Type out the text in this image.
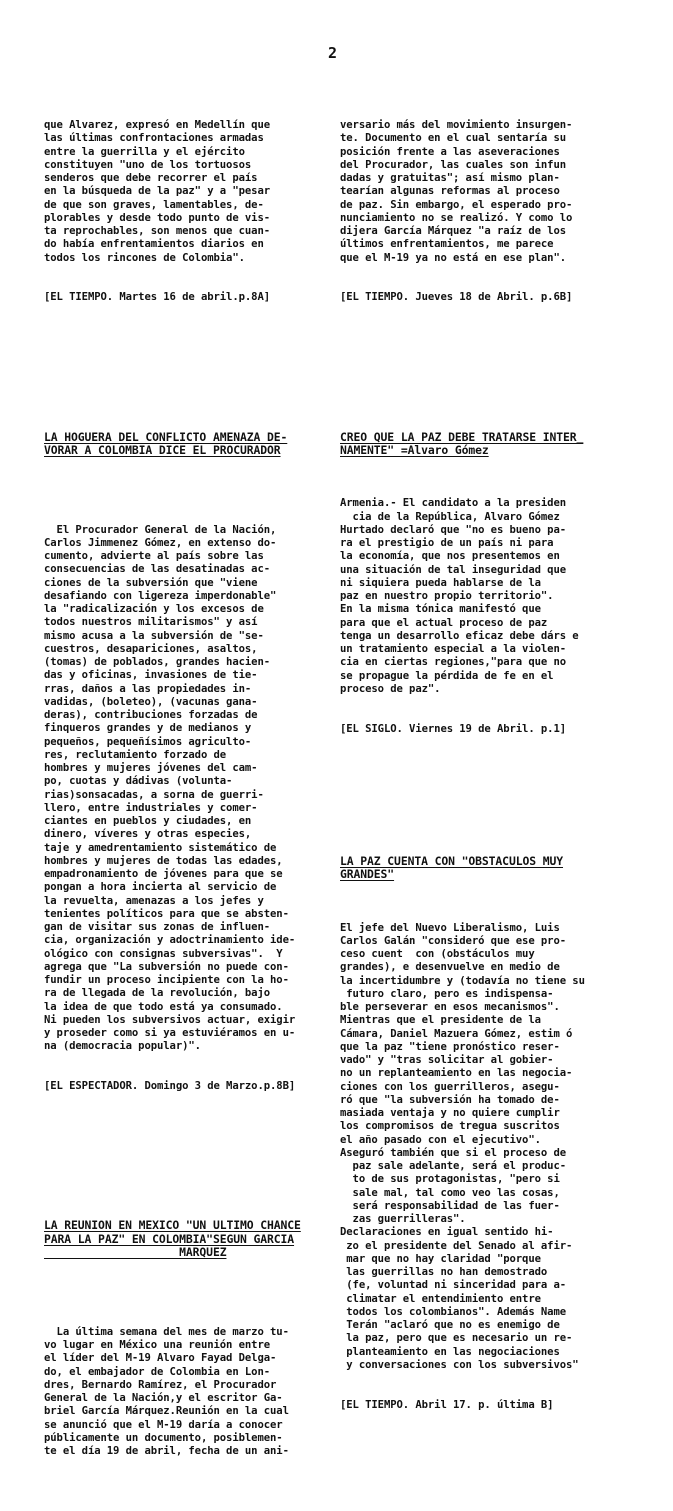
2

que Alvarez, expresó en Medellín que
las últimas confrontaciones armadas
entre la guerrilla y el ejército
constituyen "uno de los tortuosos
senderos que debe recorrer el país
en la búsqueda de la paz" y a "pesar
de que son graves, lamentables, de-
plorables y desde todo punto de vis-
ta reprochables, son menos que cuan-
do había enfrentamientos diarios en
todos los rincones de Colombia".

[EL TIEMPO. Martes 16 de abril.p.8A]

LA HOGUERA DEL CONFLICTO AMENAZA DE-
VORAR A COLOMBIA DICE EL PROCURADOR

El Procurador General de la Nación,
Carlos Jimmenez Gómez, en extenso do-
cumento, advierte al país sobre las
consecuencias de las desatinadas ac-
ciones de la subversión que "viene
desafiando con ligereza imperdonable"
la "radicalización y los excesos de
todos nuestros militarismos" y así
mismo acusa a la subversión de "se-
cuestros, desapariciones, asaltos,
(tomas) de poblados, grandes hacien-
das y oficinas, invasiones de tie-
rras, daños a las propiedades in-
vadidas, (boleteo), (vacunas gana-
deras), contribuciones forzadas de
finqueros grandes y de medianos y
pequeños, pequeñísimos agriculto-
res, reclutamiento forzado de
hombres y mujeres jóvenes del cam-
po, cuotas y dádivas (volunta-
rias)sonsacadas, a sorna de guerri-
llero, entre industriales y comer-
ciantes en pueblos y ciudades, en
dinero, víveres y otras especies,
taje y amedrentamiento sistemático de
hombres y mujeres de todas las edades,
empadronamiento de jóvenes para que se
pongan a hora incierta al servicio de
la revuelta, amenazas a los jefes y
tenientes políticos para que se absten-
gan de visitar sus zonas de influen-
cia, organización y adoctrinamiento ide-
ológico con consignas subversivas".  Y
agrega que "La subversión no puede con-
fundir un proceso incipiente con la ho-
ra de llegada de la revolución, bajo
la idea de que todo está ya consumado.
Ni pueden los subversivos actuar, exigir
y proseder como si ya estuviéramos en u-
na (democracia popular)".

[EL ESPECTADOR. Domingo 3 de Marzo.p.8B]

LA REUNION EN MEXICO "UN ULTIMO CHANCE
PARA LA PAZ" EN COLOMBIA"SEGUN GARCIA
MARQUEZ

La última semana del mes de marzo tu-
vo lugar en México una reunión entre
el líder del M-19 Alvaro Fayad Delga-
do, el embajador de Colombia en Lon-
dres, Bernardo Ramírez, el Procurador
General de la Nación,y el escritor Ga-
briel García Márquez.Reunión en la cual
se anunció que el M-19 daría a conocer
públicamente un documento, posiblemen-
te el día 19 de abril, fecha de un ani-

versario más del movimiento insurgen-
te. Documento en el cual sentaría su
posición frente a las aseveraciones
del Procurador, las cuales son infun
dadas y gratuitas"; así mismo plan-
tearían algunas reformas al proceso
de paz. Sin embargo, el esperado pro-
nunciamiento no se realizó. Y como lo
dijera García Márquez "a raíz de los
últimos enfrentamientos, me parece
que el M-19 ya no está en ese plan".

[EL TIEMPO. Jueves 18 de Abril. p.6B]

CREO QUE LA PAZ DEBE TRATARSE INTER_
NAMENTE" =Alvaro Gómez

Armenia.- El candidato a la presiden
cia de la República, Alvaro Gómez
Hurtado declaró que "no es bueno pa-
ra el prestigio de un país ni para
la economía, que nos presentemos en
una situación de tal inseguridad que
ni siquiera pueda hablarse de la
paz en nuestro propio territorio".
En la misma tónica manifestó que
para que el actual proceso de paz
tenga un desarrollo eficaz debe dárs e
un tratamiento especial a la violen-
cia en ciertas regiones,"para que no
se propague la pérdida de fe en el
proceso de paz".

[EL SIGLO. Viernes 19 de Abril. p.1]

LA PAZ CUENTA CON "OBSTACULOS MUY
GRANDES"

El jefe del Nuevo Liberalismo, Luis
Carlos Galán "consideró que ese pro-
ceso cuent  con (obstáculos muy
grandes), e desenvuelve en medio de
la incertidumbre y (todavía no tiene su
futuro claro, pero es indispensa-
ble perseverar en esos mecanismos".
Mientras que el presidente de la
Cámara, Daniel Mazuera Gómez, estim ó
que la paz "tiene pronóstico reser-
vado" y "tras solicitar al gobier-
no un replanteamiento en las negocia-
ciones con los guerrilleros, asegu-
ró que "la subversión ha tomado de-
masiada ventaja y no quiere cumplir
los compromisos de tregua suscritos
el año pasado con el ejecutivo".
Aseguró también que si el proceso de
paz sale adelante, será el produc-
to de sus protagonistas, "pero si
sale mal, tal como veo las cosas,
será responsabilidad de las fuer-
zas guerrilleras".
Declaraciones en igual sentido hi-
zo el presidente del Senado al afir-
mar que no hay claridad "porque
las guerrillas no han demostrado
(fe, voluntad ni sinceridad para a-
climatar el entendimiento entre
todos los colombianos". Además Name
Terán "aclaró que no es enemigo de
la paz, pero que es necesario un re-
planteamiento en las negociaciones
y conversaciones con los subversivos"

[EL TIEMPO. Abril 17. p. última B]
